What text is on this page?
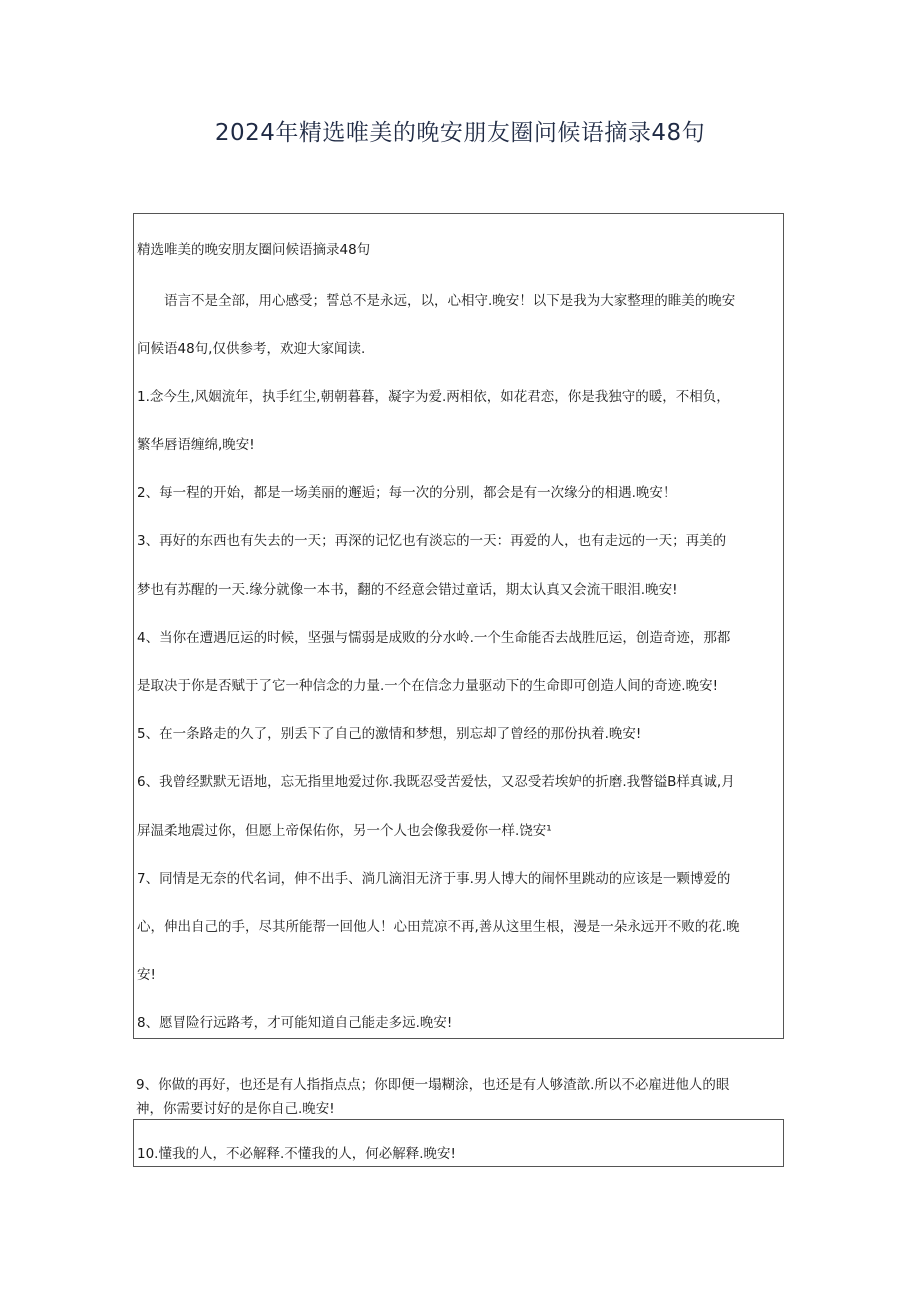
2024年精选唯美的晚安朋友圈问候语摘录48句
精选唯美的晚安朋友圈问候语摘录48句
　　语言不是全部，用心感受；誓总不是永远，以，心相守.晚安！以下是我为大家整理的睢美的晚安
问候语48句,仅供参考，欢迎大家闻读.
1.念今生,风姻流年，执手红尘,朝朝暮暮，凝字为爱.两相依，如花君恋，你是我独守的暖，不相负，
繁华唇语缠绵,晚安!
2、每一程的开始，都是一场美丽的邂逅；每一次的分别，都会是有一次缘分的相遇.晚安！
3、再好的东西也有失去的一天；再深的记忆也有淡忘的一天：再爱的人，也有走远的一天；再美的
梦也有苏醒的一天.缘分就像一本书，翻的不经意会错过童话，期太认真又会流干眼泪.晚安!
4、当你在遭遇厄运的时候，坚强与懦弱是成败的分水岭.一个生命能否去战胜厄运，创造奇迹，那都
是取决于你是否赋于了它一种信念的力量.一个在信念力量驱动下的生命即可创造人间的奇迹.晚安!
5、在一条路走的久了，别丢下了自己的激情和梦想，别忘却了曾经的那份执着.晚安!
6、我曾经默默无语地，忘无指里地爱过你.我既忍受苦爱怯，又忍受若埃妒的折磨.我瞥镒B样真诚,月
屏温柔地震过你，但愿上帝保佑你，另一个人也会像我爱你一样.饶安¹
7、同情是无奈的代名词，伸不出手、淌几滴泪无济于事.男人博大的闹怀里跳动的应该是一颗博爱的
心，伸出自己的手，尽其所能帮一回他人！心田荒凉不再,善从这里生根，漫是一朵永远开不败的花.晚
安!
8、愿冒险行远路考，才可能知道自己能走多远.晚安!
9、你做的再好，也还是有人指指点点；你即便一塌糊涂，也还是有人够渣歆.所以不必雇进他人的眼
神，你需要讨好的是你自己.晚安!
10.懂我的人，不必解释.不懂我的人，何必解释.晚安!
